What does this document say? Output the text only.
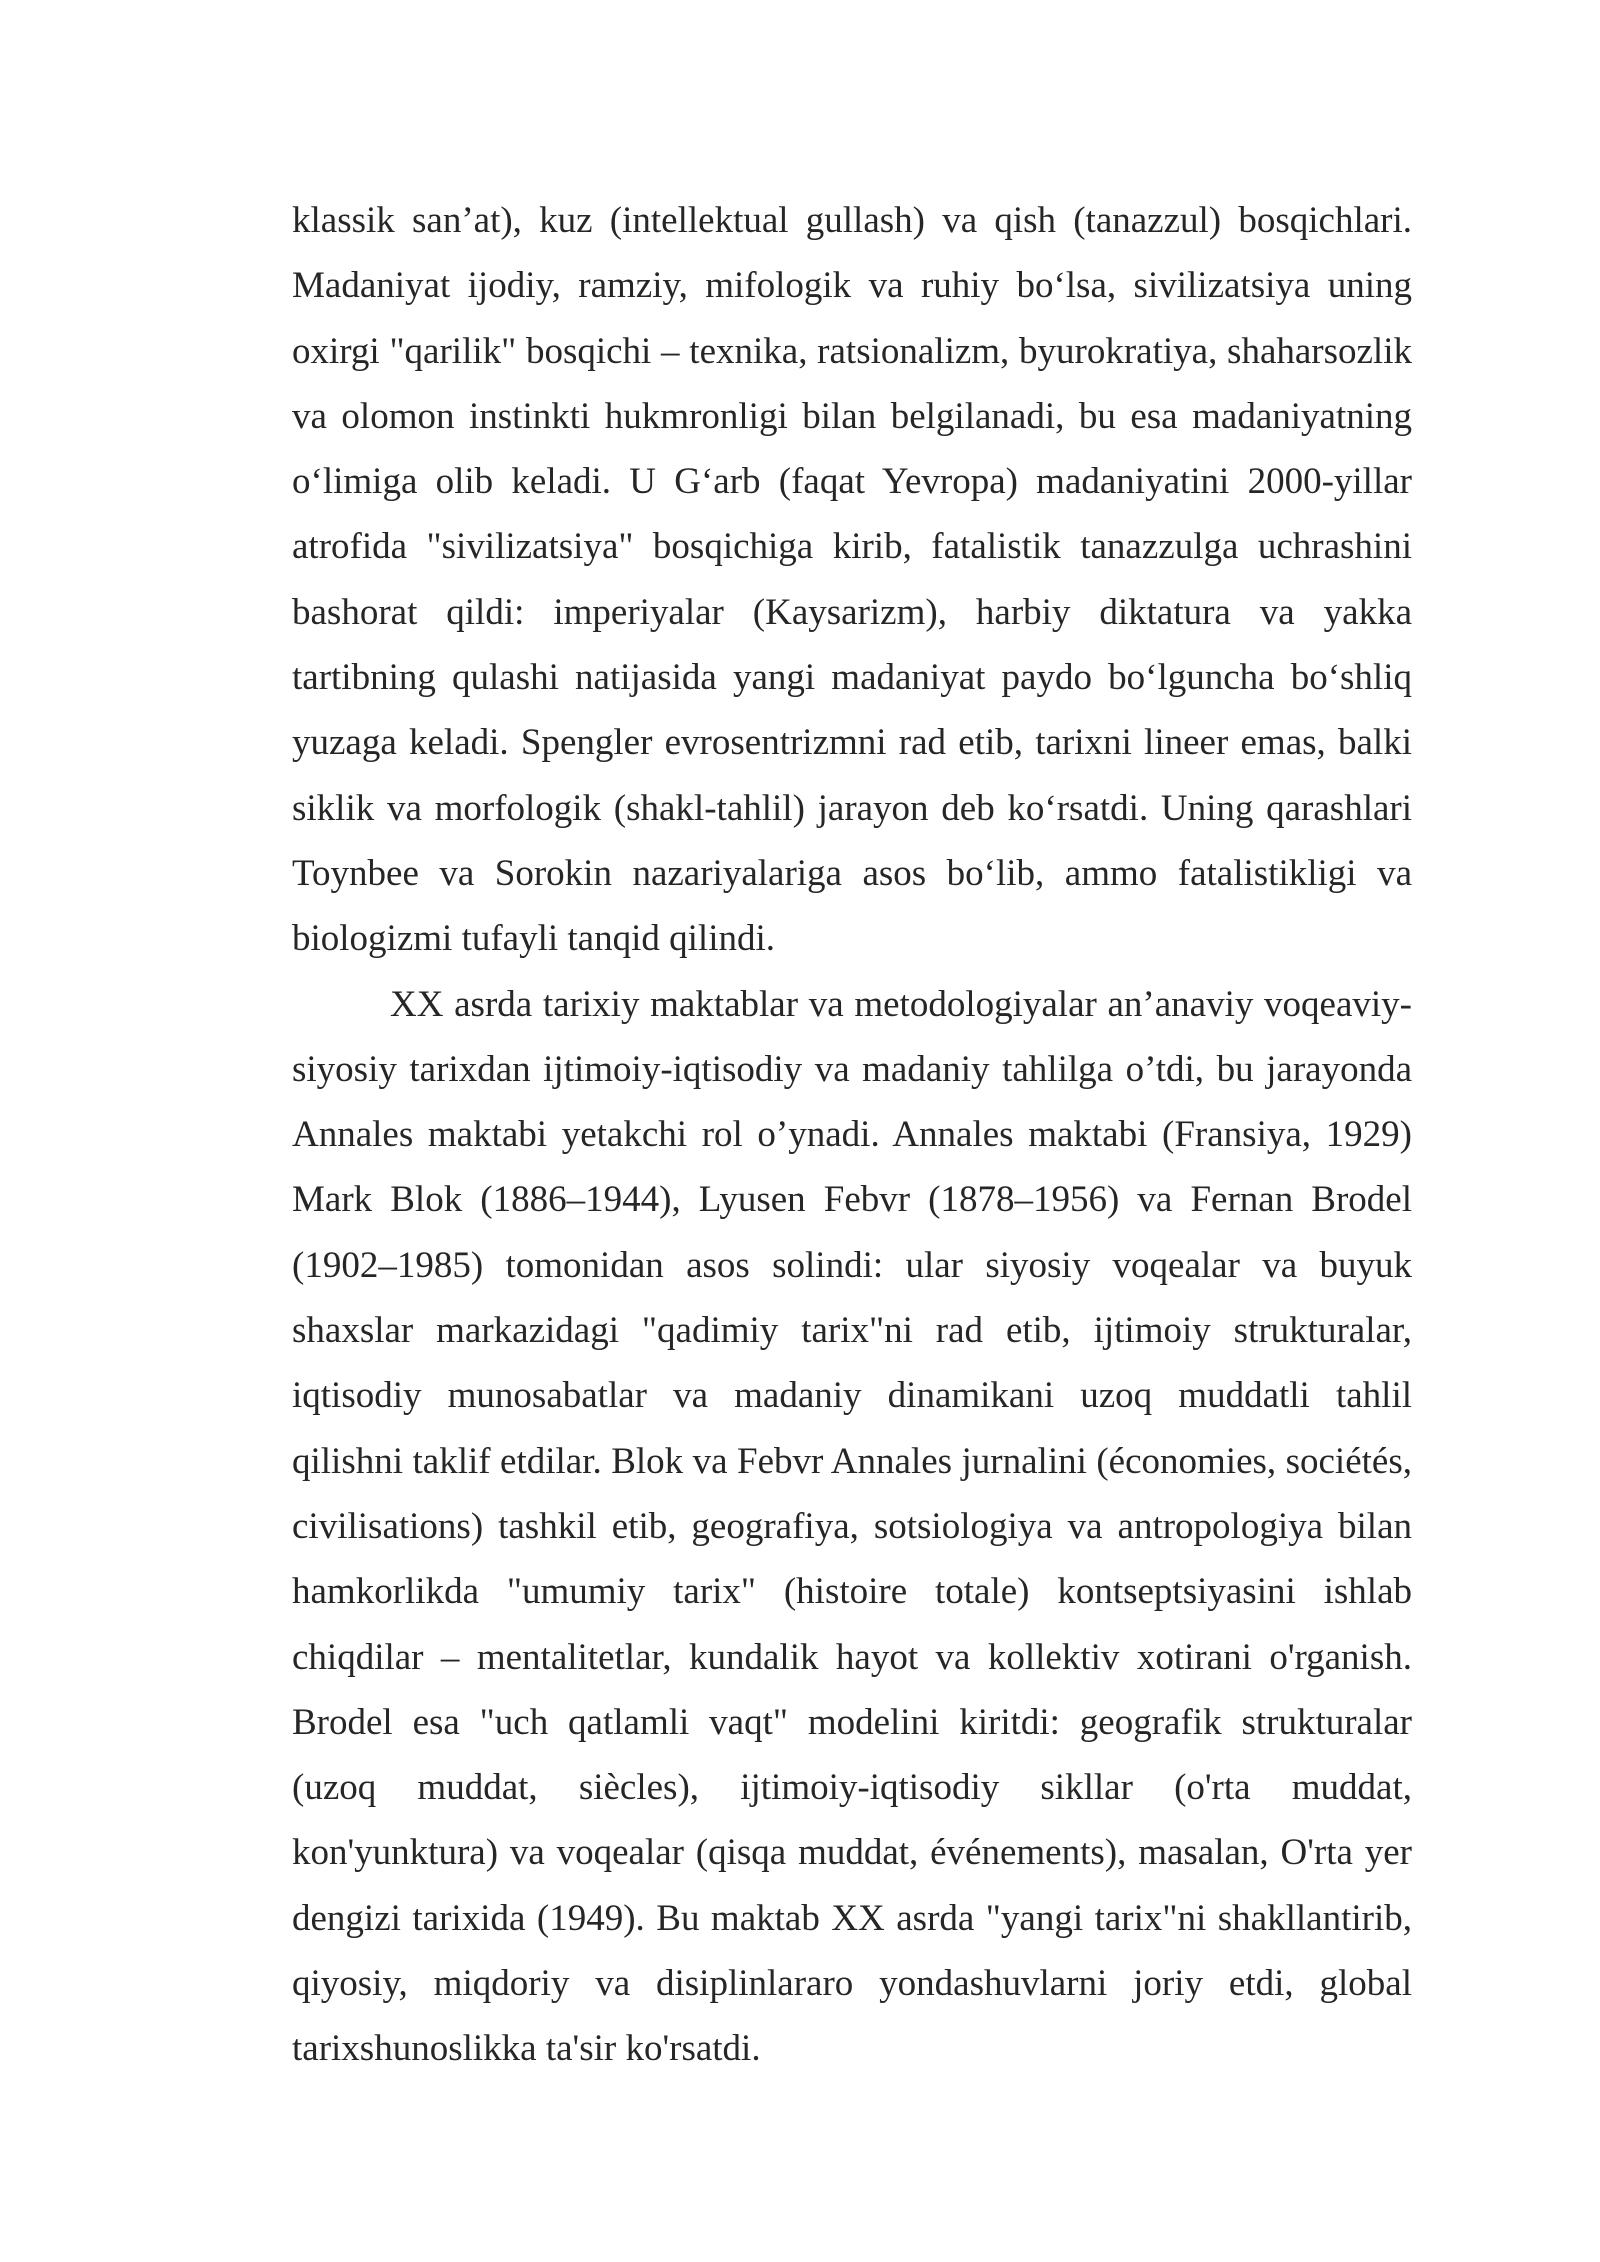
klassik san’at), kuz (intellektual gullash) va qish (tanazzul) bosqichlari. Madaniyat ijodiy, ramziy, mifologik va ruhiy bo‘lsa, sivilizatsiya uning oxirgi "qarilik" bosqichi – texnika, ratsionalizm, byurokratiya, shaharsozlik va olomon instinkti hukmronligi bilan belgilanadi, bu esa madaniyatning o‘limiga olib keladi. U G‘arb (faqat Yevropa) madaniyatini 2000-yillar atrofida "sivilizatsiya" bosqichiga kirib, fatalistik tanazzulga uchrashini bashorat qildi: imperiyalar (Kaysarizm), harbiy diktatura va yakka tartibning qulashi natijasida yangi madaniyat paydo bo‘lguncha bo‘shliq yuzaga keladi. Spengler evrosentrizmni rad etib, tarixni lineer emas, balki siklik va morfologik (shakl-tahlil) jarayon deb ko‘rsatdi. Uning qarashlari Toynbee va Sorokin nazariyalariga asos bo‘lib, ammo fatalistikligi va biologizmi tufayli tanqid qilindi.

XX asrda tarixiy maktablar va metodologiyalar an’anaviy voqeaviy-siyosiy tarixdan ijtimoiy-iqtisodiy va madaniy tahlilga o’tdi, bu jarayonda Annales maktabi yetakchi rol o’ynadi. Annales maktabi (Fransiya, 1929) Mark Blok (1886–1944), Lyusen Febvr (1878–1956) va Fernan Brodel (1902–1985) tomonidan asos solindi: ular siyosiy voqealar va buyuk shaxslar markazidagi "qadimiy tarix"ni rad etib, ijtimoiy strukturalar, iqtisodiy munosabatlar va madaniy dinamikani uzoq muddatli tahlil qilishni taklif etdilar. Blok va Febvr Annales jurnalini (économies, sociétés, civilisations) tashkil etib, geografiya, sotsiologiya va antropologiya bilan hamkorlikda "umumiy tarix" (histoire totale) kontseptsiyasini ishlab chiqdilar – mentalitetlar, kundalik hayot va kollektiv xotirani o'rganish. Brodel esa "uch qatlamli vaqt" modelini kiritdi: geografik strukturalar (uzoq muddat, siècles), ijtimoiy-iqtisodiy sikllar (o'rta muddat, kon'yunktura) va voqealar (qisqa muddat, événements), masalan, O'rta yer dengizi tarixida (1949). Bu maktab XX asrda "yangi tarix"ni shakllantirib, qiyosiy, miqdoriy va disiplinlararo yondashuvlarni joriy etdi, global tarixshunoslikka ta'sir ko'rsatdi.
